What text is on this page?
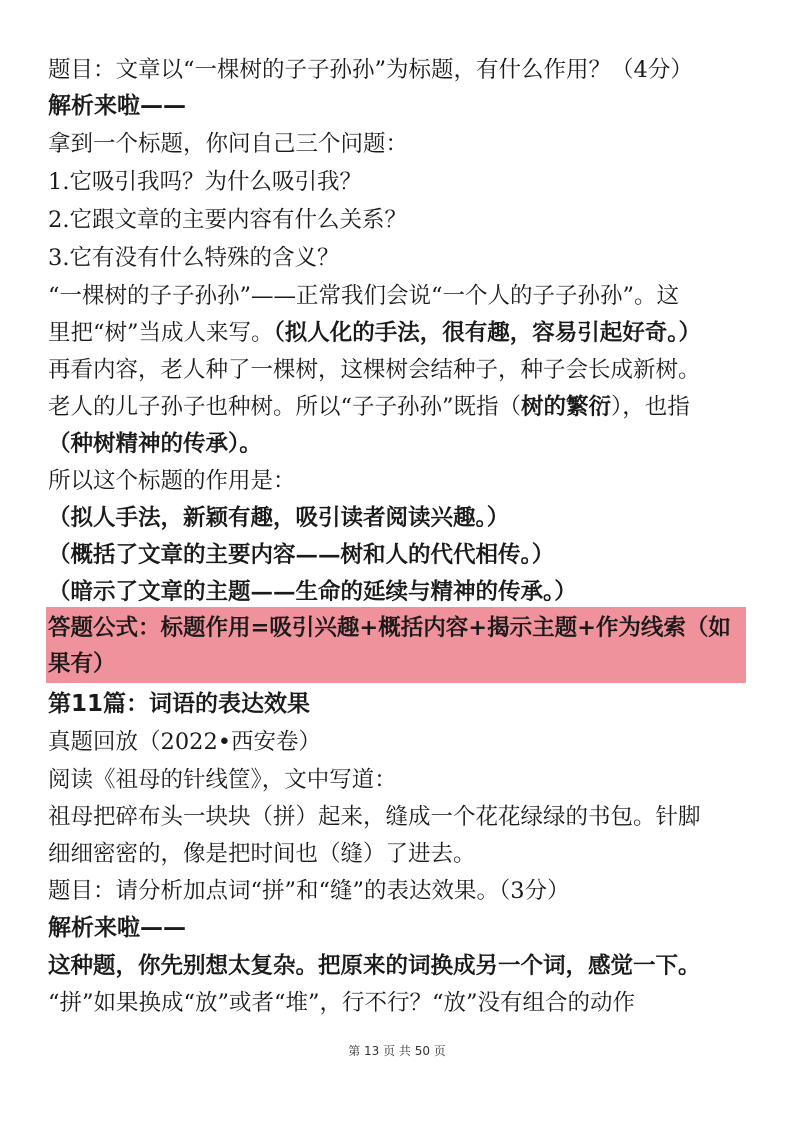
题目：文章以“一棵树的子子孙孙”为标题，有什么作用？（4分）
解析来啦——
拿到一个标题，你问自己三个问题：
1.它吸引我吗？为什么吸引我？
2.它跟文章的主要内容有什么关系？
3.它有没有什么特殊的含义？
“一棵树的子子孙孙”——正常我们会说“一个人的子子孙孙”。这
里把“树”当成人来写。（拟人化的手法，很有趣，容易引起好奇。）
再看内容，老人种了一棵树，这棵树会结种子，种子会长成新树。
老人的儿子孙子也种树。所以“子子孙孙”既指（树的繁衍），也指
（种树精神的传承）。
所以这个标题的作用是：
（拟人手法，新颖有趣，吸引读者阅读兴趣。）
（概括了文章的主要内容——树和人的代代相传。）
（暗示了文章的主题——生命的延续与精神的传承。）
答题公式：标题作用=吸引兴趣+概括内容+揭示主题+作为线索（如
果有）
第11篇：词语的表达效果
真题回放（2022•西安卷）
阅读《祖母的针线筐》，文中写道：
祖母把碎布头一块块（拼）起来，缝成一个花花绿绿的书包。针脚
细细密密的，像是把时间也（缝）了进去。
题目：请分析加点词“拼”和“缝”的表达效果。（3分）
解析来啦——
这种题，你先别想太复杂。把原来的词换成另一个词，感觉一下。
“拼”如果换成“放”或者“堆”，行不行？“放”没有组合的动作
第 13 页 共 50 页
